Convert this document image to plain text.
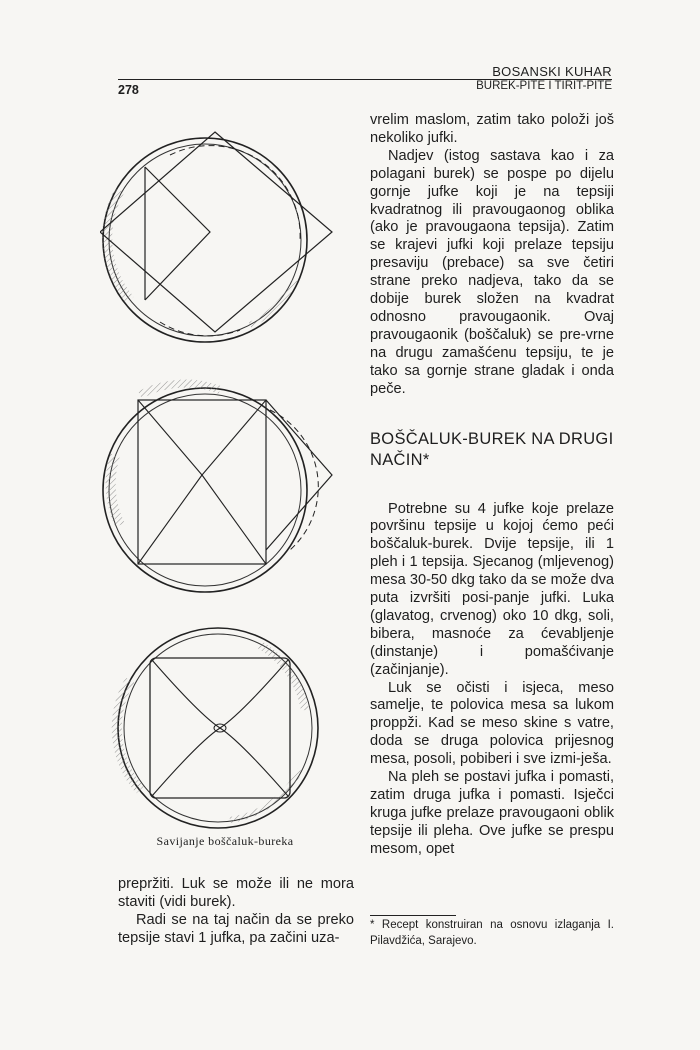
BOSANSKI KUHAR
BUREK-PITE I TIRIT-PITE
278
Savijanje boščaluk-bureka

prepržiti. Luk se može ili ne mora staviti (vidi burek).

Radi se na taj način da se preko tepsije stavi 1 jufka, pa začini uza-

vrelim maslom, zatim tako položi još nekoliko jufki.

Nadjev (istog sastava kao i za polagani burek) se pospe po dijelu gornje jufke koji je na tepsiji kvadratnog ili pravougaonog oblika (ako je pravougaona tepsija). Zatim se krajevi jufki koji prelaze tepsiju presaviju (prebace) sa sve četiri strane preko nadjeva, tako da se dobije burek složen na kvadrat odnosno pravougaonik. Ovaj pravougaonik (boščaluk) se pre-vrne na drugu zamašćenu tepsiju, te je tako sa gornje strane gladak i onda peče.

BOŠČALUK-BUREK NA DRUGI NAČIN*

Potrebne su 4 jufke koje prelaze površinu tepsije u kojoj ćemo peći boščaluk-burek. Dvije tepsije, ili 1 pleh i 1 tepsija. Sjecanog (mljevenog) mesa 30-50 dkg tako da se može dva puta izvršiti posi-panje jufki. Luka (glavatog, crvenog) oko 10 dkg, soli, bibera, masnoće za ćevabljenje (dinstanje) i pomašćivanje (začinjanje).

Luk se očisti i isjeca, meso samelje, te polovica mesa sa lukom propрži. Kad se meso skine s vatre, doda se druga polovica prijesnog mesa, posoli, pobiberi i sve izmi-ješa.

Na pleh se postavi jufka i pomasti, zatim druga jufka i pomasti. Isječci kruga jufke prelaze pravougaoni oblik tepsije ili pleha. Ove jufke se prespu mesom, opet

* Recept konstruiran na osnovu izlaganja I. Pilavdžića, Sarajevo.
